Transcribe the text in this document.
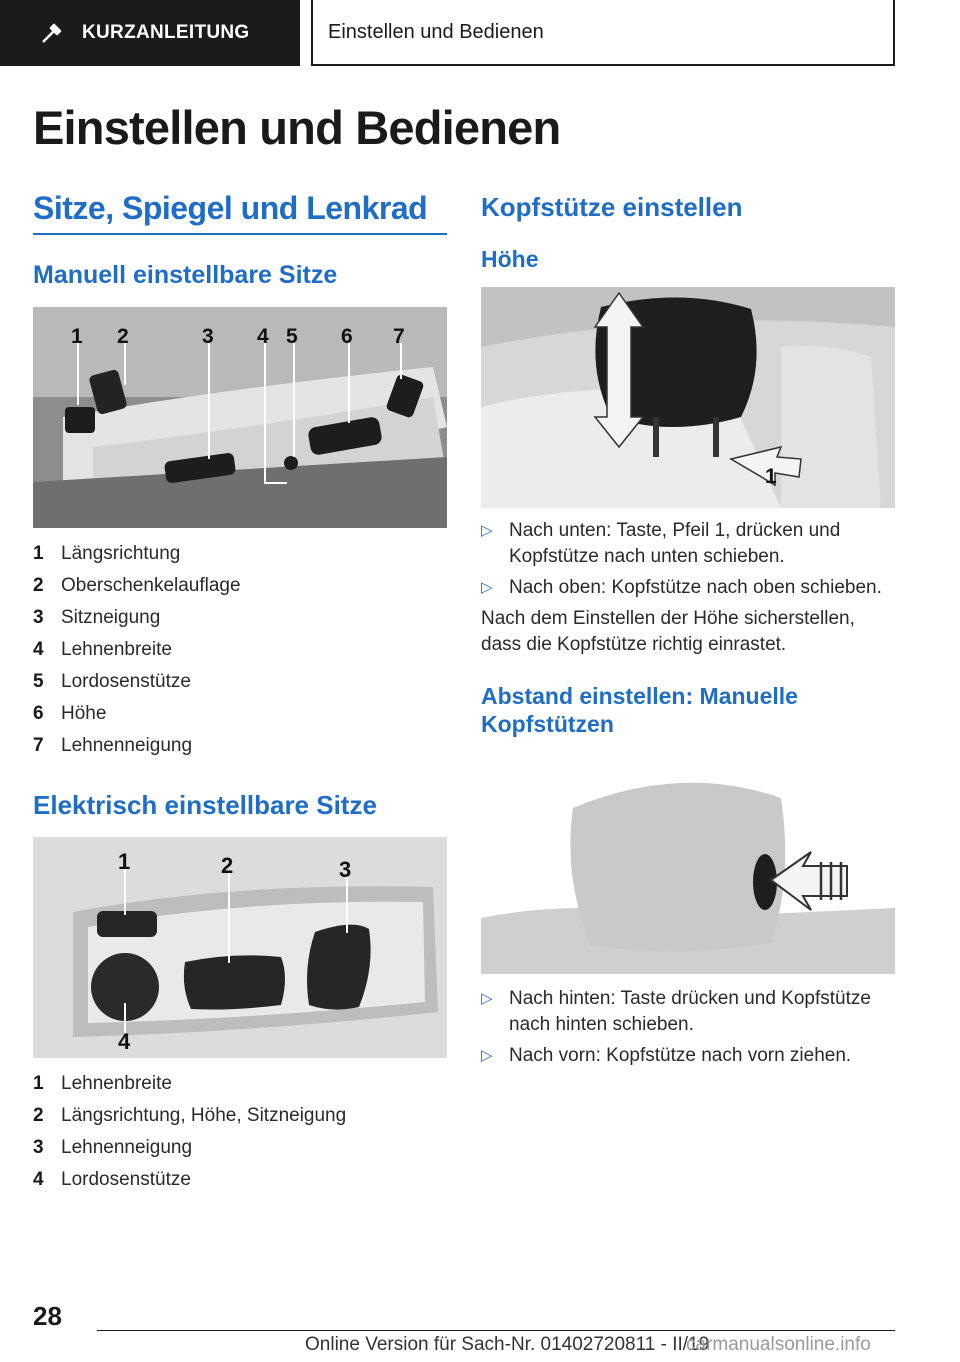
KURZANLEITUNG	Einstellen und Bedienen
Einstellen und Bedienen
Sitze, Spiegel und Lenkrad
Manuell einstellbare Sitze
1 2	3 4 5 6 7
1 Längsrichtung
2 Oberschenkelauflage
3 Sitzneigung
4 Lehnenbreite
5 Lordosenstütze
6 Höhe
7 Lehnenneigung
Elektrisch einstellbare Sitze
1	2	3
4
1 Lehnenbreite
2 Längsrichtung, Höhe, Sitzneigung
3 Lehnenneigung
4 Lordosenstütze
Kopfstütze einstellen
Höhe
1
▷ Nach unten: Taste, Pfeil 1, drücken und Kopfstütze nach unten schieben.
▷ Nach oben: Kopfstütze nach oben schieben.

Nach dem Einstellen der Höhe sicherstellen, dass die Kopfstütze richtig einrastet.

Abstand einstellen: Manuelle Kopfstützen
▷ Nach hinten: Taste drücken und Kopfstütze nach hinten schieben.
▷ Nach vorn: Kopfstütze nach vorn ziehen.
28
Online Version für Sach-Nr. 01402720811 - II/19
carmanualsonline.info
